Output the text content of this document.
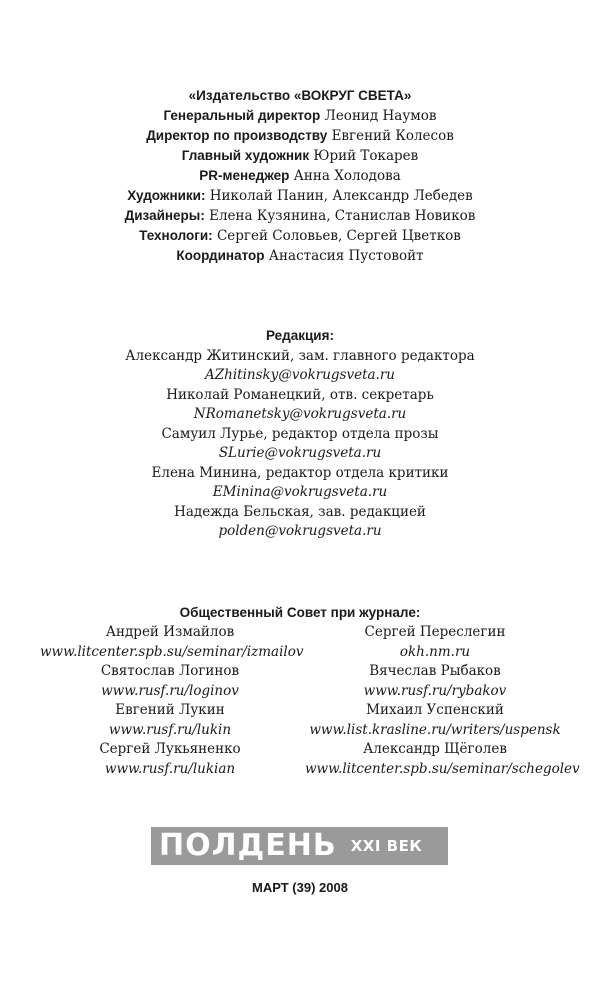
«Издательство «ВОКРУГ СВЕТА»
Генеральный директор Леонид Наумов
Директор по производству Евгений Колесов
Главный художник Юрий Токарев
PR-менеджер Анна Холодова
Художники: Николай Панин, Александр Лебедев
Дизайнеры: Елена Кузянина, Станислав Новиков
Технологи: Сергей Соловьев, Сергей Цветков
Координатор Анастасия Пустовойт
Редакция:
Александр Житинский, зам. главного редактора
AZhitinsky@vokrugsveta.ru
Николай Романецкий, отв. секретарь
NRomanetsky@vokrugsveta.ru
Самуил Лурье, редактор отдела прозы
SLurie@vokrugsveta.ru
Елена Минина, редактор отдела критики
EMinina@vokrugsveta.ru
Надежда Бельская, зав. редакцией
polden@vokrugsveta.ru
Общественный Совет при журнале:
Андрей Измайлов
www.litcenter.spb.su/seminar/izmailov
Святослав Логинов
www.rusf.ru/loginov
Евгений Лукин
www.rusf.ru/lukin
Сергей Лукьяненко
www.rusf.ru/lukian
Сергей Переслегин
okh.nm.ru
Вячеслав Рыбаков
www.rusf.ru/rybakov
Михаил Успенский
www.list.krasline.ru/writers/uspensk
Александр Щёголев
www.litcenter.spb.su/seminar/schegolev
ПОЛДЕНЬ XXI ВЕК
МАРТ (39) 2008
